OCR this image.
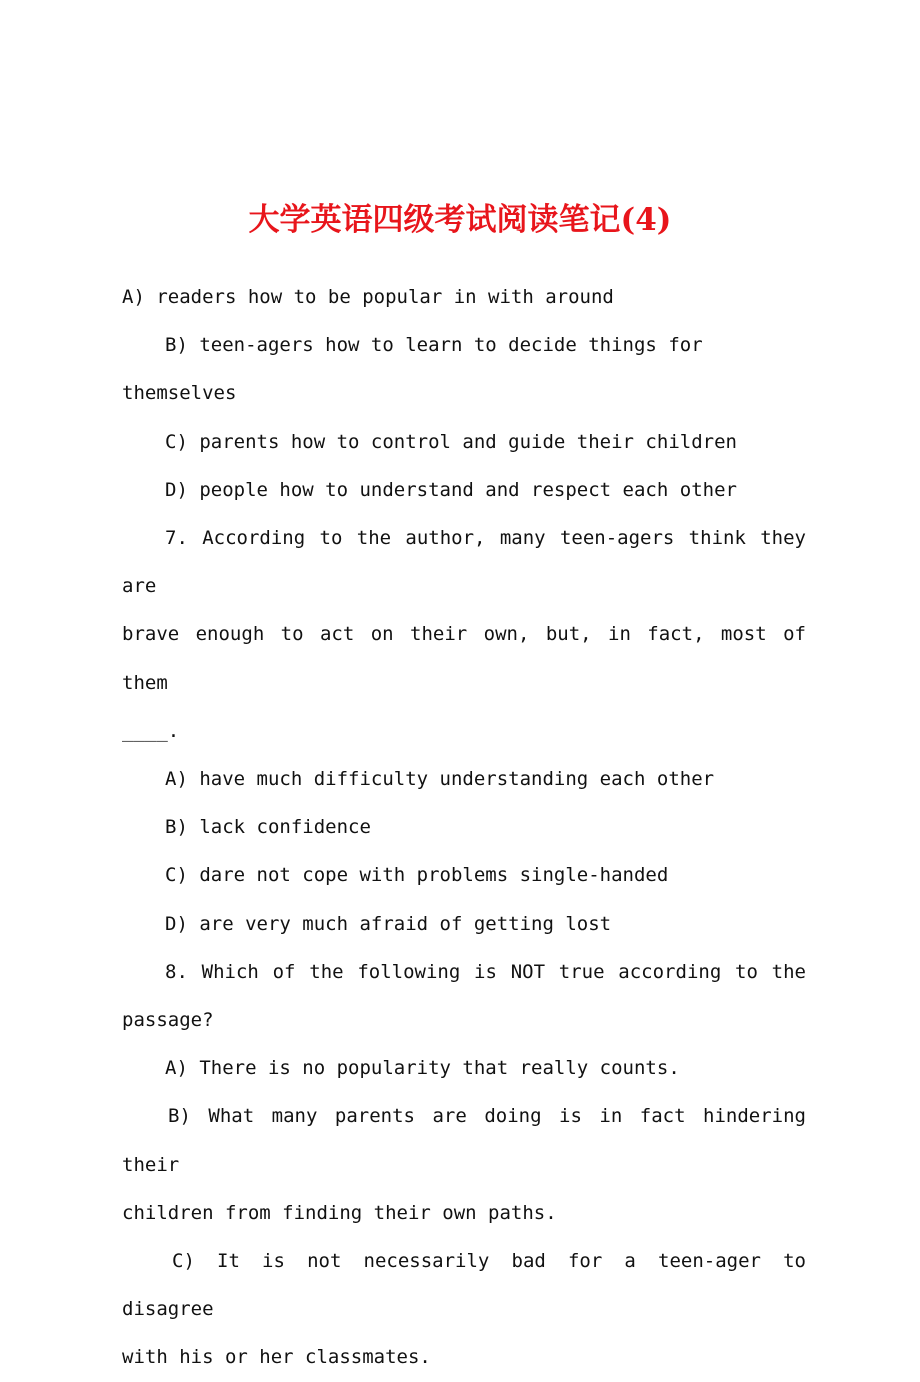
大学英语四级考试阅读笔记(4)

A) readers how to be popular in with around

B) teen-agers how to learn to decide things for themselves

C) parents how to control and guide their children

D) people how to understand and respect each other

7. According to the author, many teen-agers think they are

brave enough to act on their own, but, in fact, most of them

____.

A) have much difficulty understanding each other

B) lack confidence

C) dare not cope with problems single-handed

D) are very much afraid of getting lost

8. Which of the following is NOT true according to the

passage?

A) There is no popularity that really counts.

B) What many parents are doing is in fact hindering their

children from finding their own paths.

C) It is not necessarily bad for a teen-ager to disagree

with his or her classmates.
